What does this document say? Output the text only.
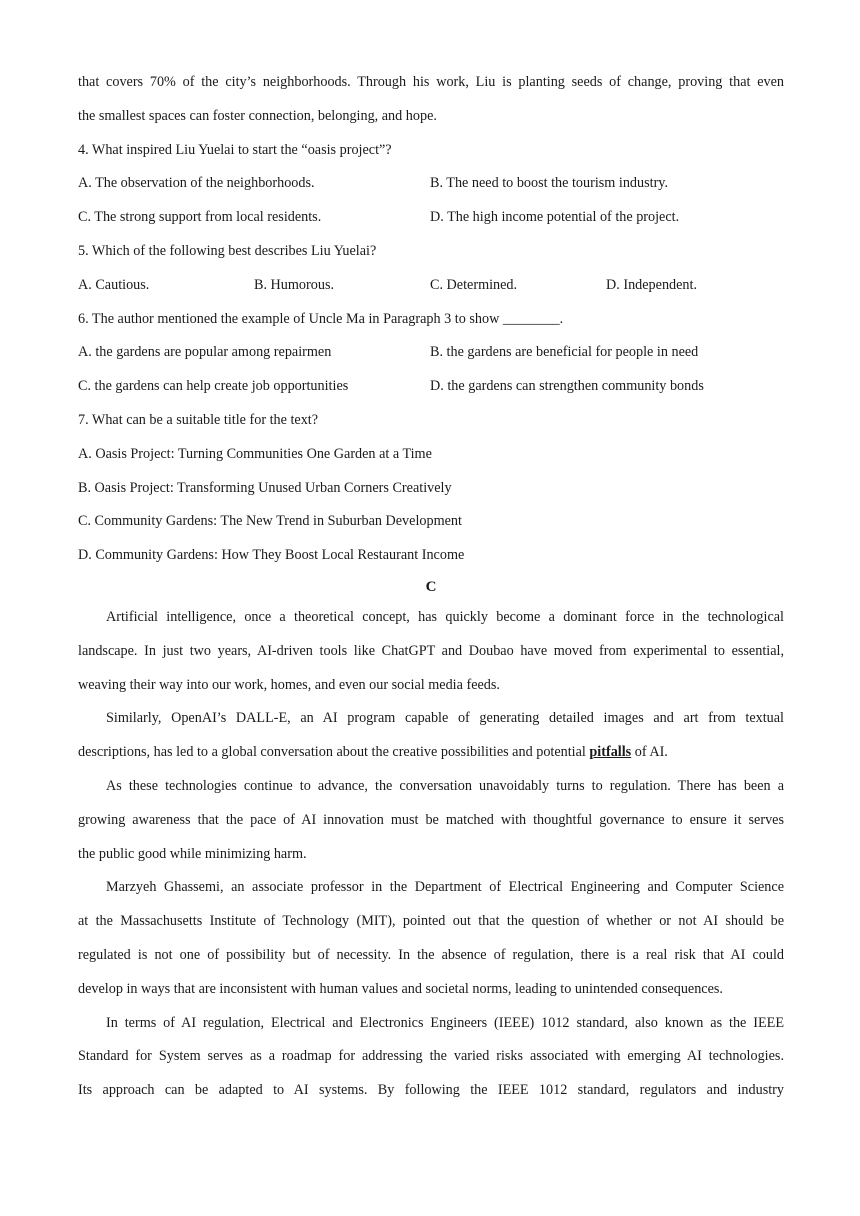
that covers 70% of the city’s neighborhoods. Through his work, Liu is planting seeds of change, proving that even
the smallest spaces can foster connection, belonging, and hope.
4. What inspired Liu Yuelai to start the “oasis project”?
A. The observation of the neighborhoods.	B. The need to boost the tourism industry.
C. The strong support from local residents.	D. The high income potential of the project.
5. Which of the following best describes Liu Yuelai?
A. Cautious.	B. Humorous.	C. Determined.	D. Independent.
6. The author mentioned the example of Uncle Ma in Paragraph 3 to show ________.
A. the gardens are popular among repairmen	B. the gardens are beneficial for people in need
C. the gardens can help create job opportunities	D. the gardens can strengthen community bonds
7. What can be a suitable title for the text?
A. Oasis Project: Turning Communities One Garden at a Time
B. Oasis Project: Transforming Unused Urban Corners Creatively
C. Community Gardens: The New Trend in Suburban Development
D. Community Gardens: How They Boost Local Restaurant Income
C
Artificial intelligence, once a theoretical concept, has quickly become a dominant force in the technological
landscape. In just two years, AI-driven tools like ChatGPT and Doubao have moved from experimental to essential,
weaving their way into our work, homes, and even our social media feeds.
Similarly, OpenAI’s DALL-E, an AI program capable of generating detailed images and art from textual
descriptions, has led to a global conversation about the creative possibilities and potential pitfalls of AI.
As these technologies continue to advance, the conversation unavoidably turns to regulation. There has been a
growing awareness that the pace of AI innovation must be matched with thoughtful governance to ensure it serves
the public good while minimizing harm.
Marzyeh Ghassemi, an associate professor in the Department of Electrical Engineering and Computer Science
at the Massachusetts Institute of Technology (MIT), pointed out that the question of whether or not AI should be
regulated is not one of possibility but of necessity. In the absence of regulation, there is a real risk that AI could
develop in ways that are inconsistent with human values and societal norms, leading to unintended consequences.
In terms of AI regulation, Electrical and Electronics Engineers (IEEE) 1012 standard, also known as the IEEE
Standard for System serves as a roadmap for addressing the varied risks associated with emerging AI technologies.
Its approach can be adapted to AI systems. By following the IEEE 1012 standard, regulators and industry
